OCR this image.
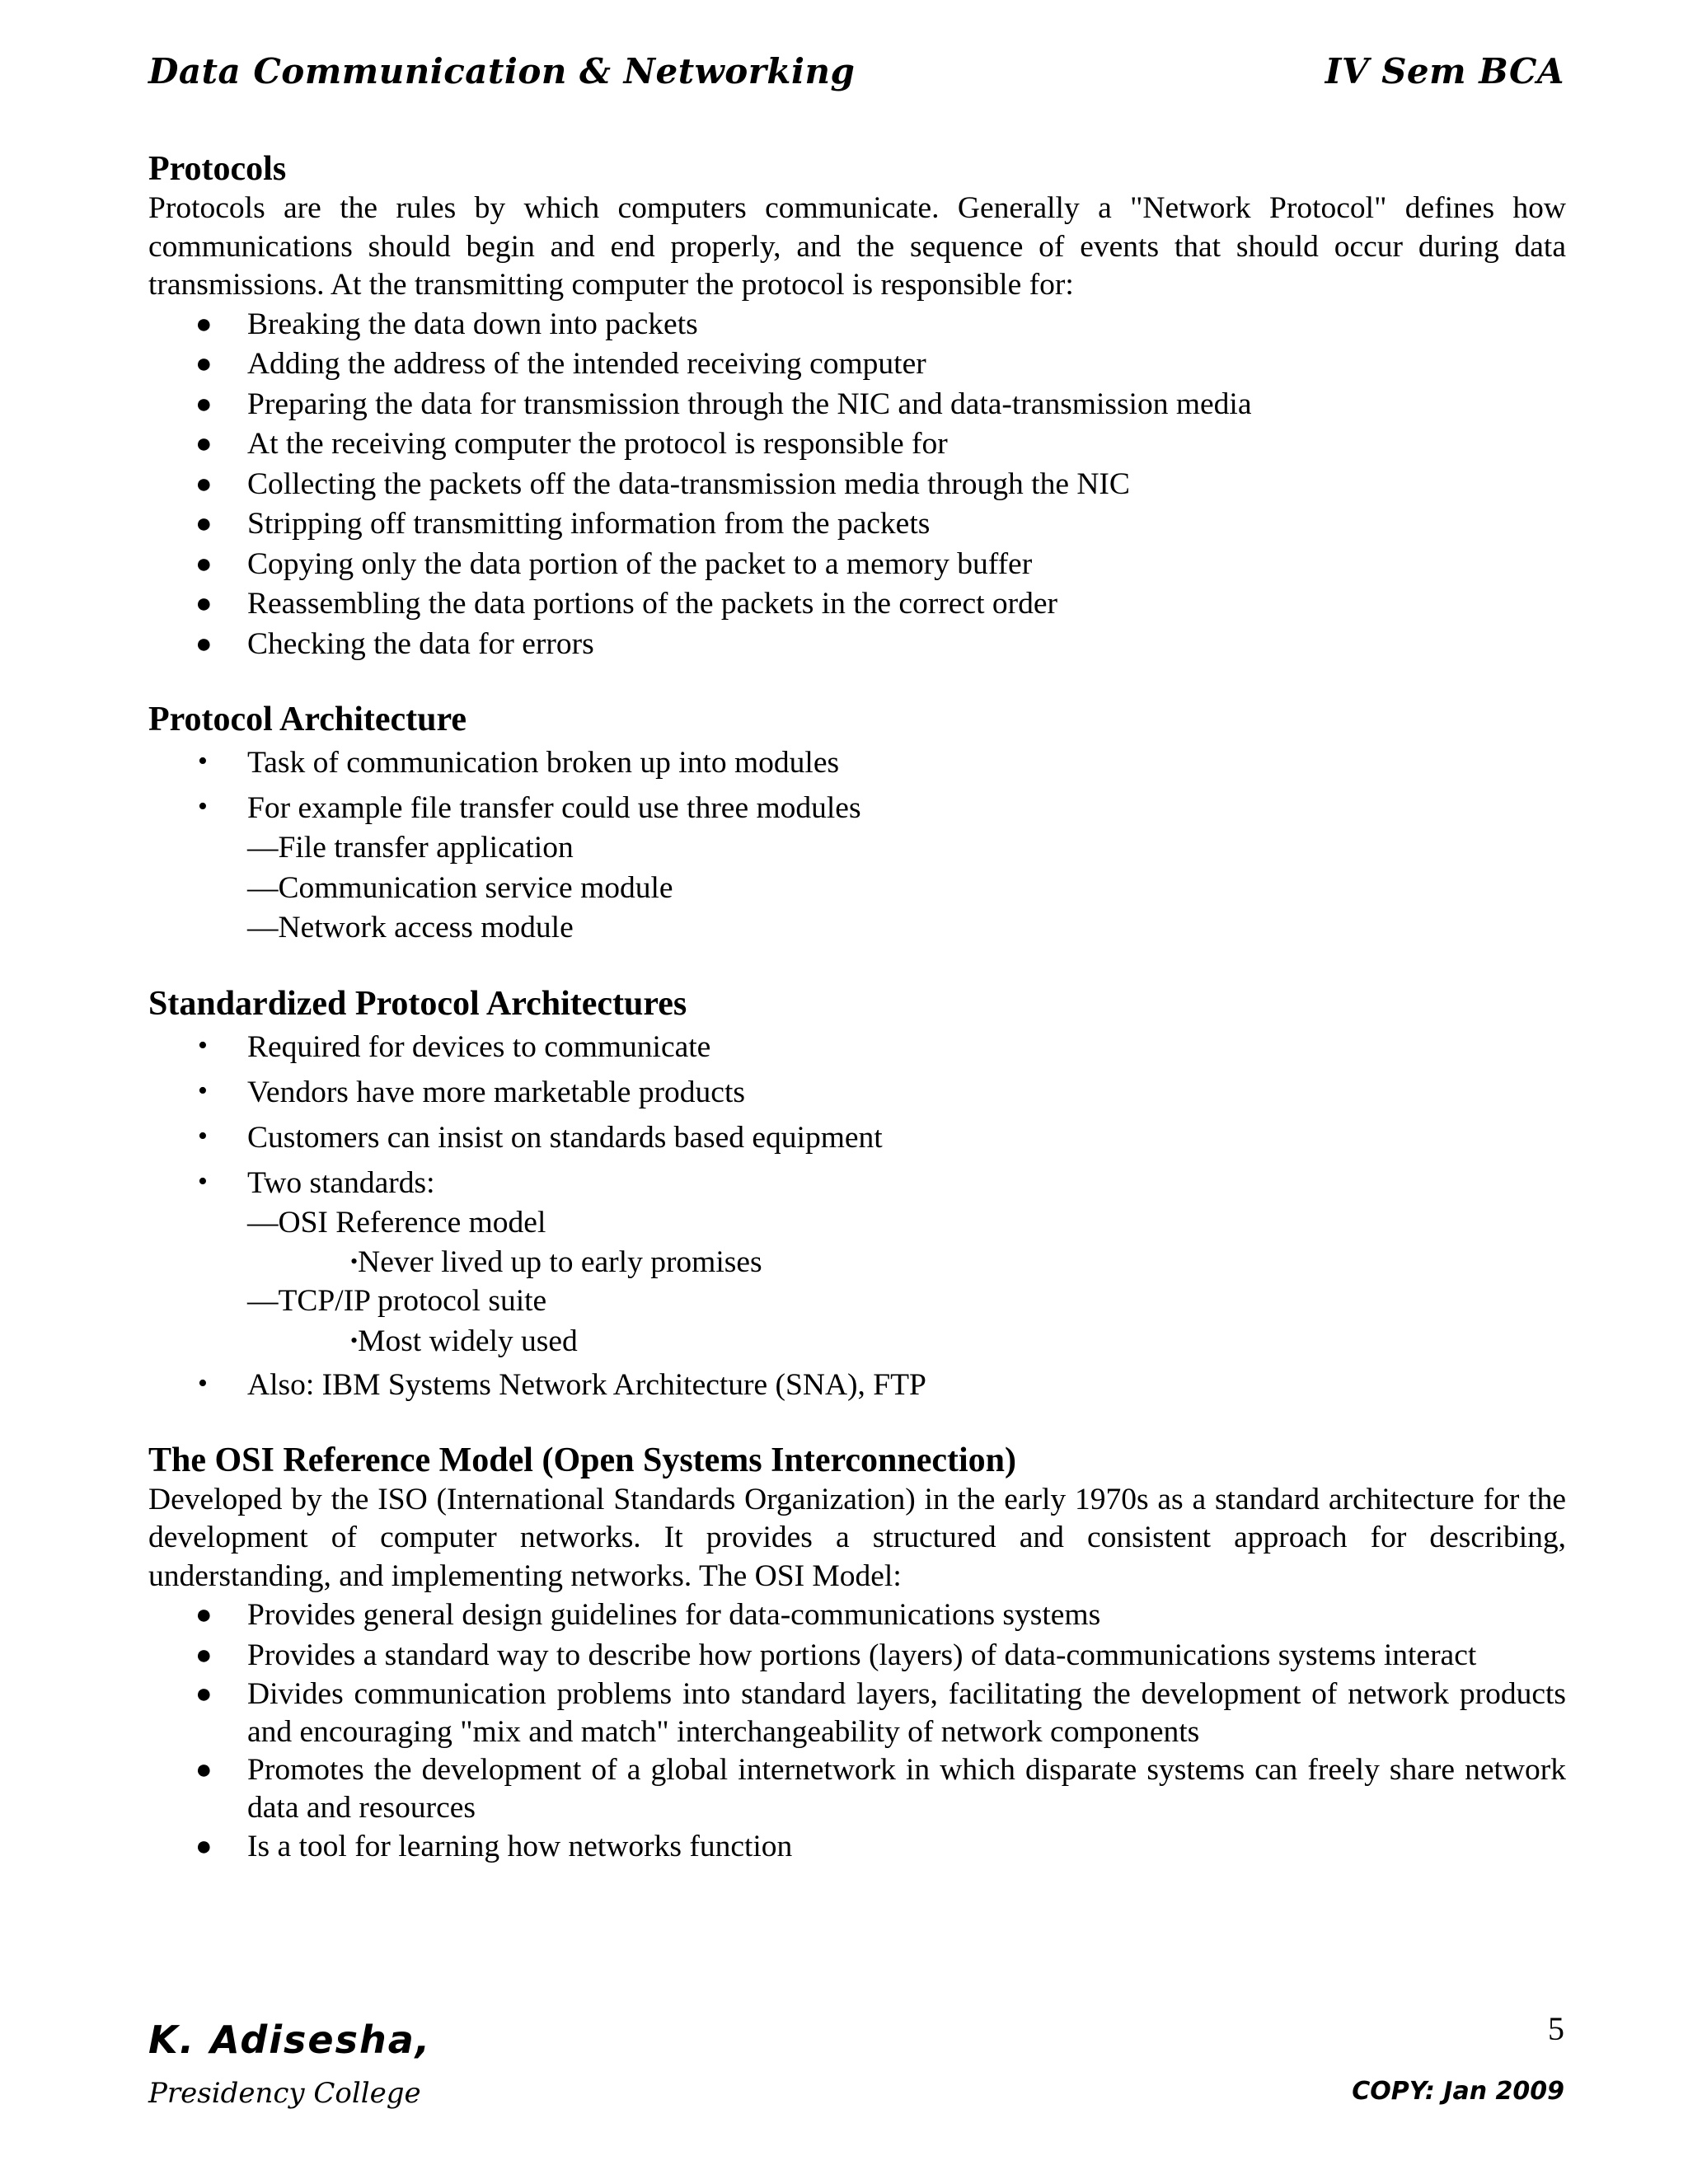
Data Communication & Networking	IV Sem BCA
Protocols

Protocols are the rules by which computers communicate. Generally a "Network Protocol" defines how communications should begin and end properly, and the sequence of events that should occur during data transmissions. At the transmitting computer the protocol is responsible for:

● Breaking the data down into packets
● Adding the address of the intended receiving computer
● Preparing the data for transmission through the NIC and data-transmission media
● At the receiving computer the protocol is responsible for
● Collecting the packets off the data-transmission media through the NIC
● Stripping off transmitting information from the packets
● Copying only the data portion of the packet to a memory buffer
● Reassembling the data portions of the packets in the correct order
● Checking the data for errors
Protocol Architecture
• Task of communication broken up into modules
• For example file transfer could use three modules
—File transfer application
—Communication service module
—Network access module
Standardized Protocol Architectures
• Required for devices to communicate
• Vendors have more marketable products
• Customers can insist on standards based equipment
• Two standards:
—OSI Reference model
•Never lived up to early promises
—TCP/IP protocol suite
•Most widely used
• Also: IBM Systems Network Architecture (SNA), FTP
The OSI Reference Model (Open Systems Interconnection)

Developed by the ISO (International Standards Organization) in the early 1970s as a standard architecture for the development of computer networks. It provides a structured and consistent approach for describing, understanding, and implementing networks. The OSI Model:

● Provides general design guidelines for data-communications systems
● Provides a standard way to describe how portions (layers) of data-communications systems interact
● Divides communication problems into standard layers, facilitating the development of network products and encouraging "mix and match" interchangeability of network components
● Promotes the development of a global internetwork in which disparate systems can freely share network data and resources
● Is a tool for learning how networks function
K. Adisesha,
Presidency College
5
COPY: Jan 2009
